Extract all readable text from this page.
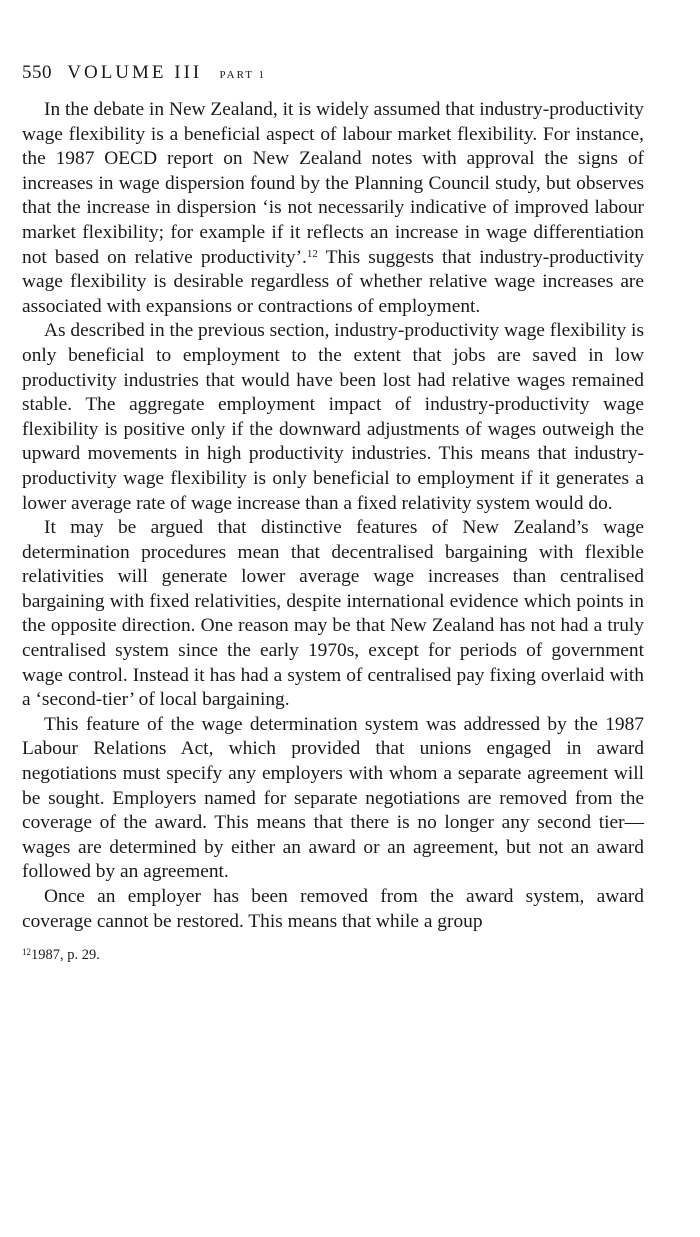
550 VOLUME III PART 1

In the debate in New Zealand, it is widely assumed that industry-productivity wage flexibility is a beneficial aspect of labour market flexibility. For instance, the 1987 OECD report on New Zealand notes with approval the signs of increases in wage dispersion found by the Planning Council study, but observes that the increase in dispersion ‘is not necessarily indicative of improved labour market flexibility; for example if it reflects an increase in wage differentiation not based on relative productivity’.$^{12}$ This suggests that industry-productivity wage flexibility is desirable regardless of whether relative wage increases are associated with expansions or contractions of employment.

As described in the previous section, industry-productivity wage flexibility is only beneficial to employment to the extent that jobs are saved in low productivity industries that would have been lost had relative wages remained stable. The aggregate employment impact of industry-productivity wage flexibility is positive only if the downward adjustments of wages outweigh the upward movements in high productivity industries. This means that industry-productivity wage flexibility is only beneficial to employment if it generates a lower average rate of wage increase than a fixed relativity system would do.

It may be argued that distinctive features of New Zealand’s wage determination procedures mean that decentralised bargaining with flexible relativities will generate lower average wage increases than centralised bargaining with fixed relativities, despite international evidence which points in the opposite direction. One reason may be that New Zealand has not had a truly centralised system since the early 1970s, except for periods of government wage control. Instead it has had a system of centralised pay fixing overlaid with a ‘second-tier’ of local bargaining.

This feature of the wage determination system was addressed by the 1987 Labour Relations Act, which provided that unions engaged in award negotiations must specify any employers with whom a separate agreement will be sought. Employers named for separate negotiations are removed from the coverage of the award. This means that there is no longer any second tier—wages are determined by either an award or an agreement, but not an award followed by an agreement.

Once an employer has been removed from the award system, award coverage cannot be restored. This means that while a group

$^{12}$1987, p. 29.
